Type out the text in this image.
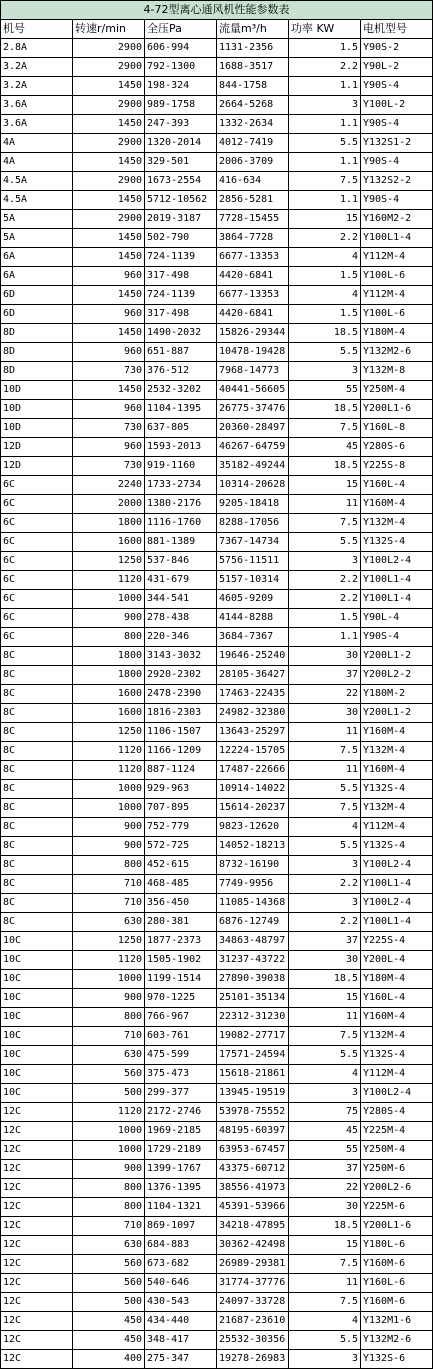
4-72型离心通风机性能参数表					
机号	转速r/min	全压Pa	流量m³/h	功率 KW	电机型号
2.8A	2900	606-994	1131-2356	1.5	Y90S-2
3.2A	2900	792-1300	1688-3517	2.2	Y90L-2
3.2A	1450	198-324	844-1758	1.1	Y90S-4
3.6A	2900	989-1758	2664-5268	3	Y100L-2
3.6A	1450	247-393	1332-2634	1.1	Y90S-4
4A	2900	1320-2014	4012-7419	5.5	Y132S1-2
4A	1450	329-501	2006-3709	1.1	Y90S-4
4.5A	2900	1673-2554	416-634	7.5	Y132S2-2
4.5A	1450	5712-10562	2856-5281	1.1	Y90S-4
5A	2900	2019-3187	7728-15455	15	Y160M2-2
5A	1450	502-790	3864-7728	2.2	Y100L1-4
6A	1450	724-1139	6677-13353	4	Y112M-4
6A	960	317-498	4420-6841	1.5	Y100L-6
6D	1450	724-1139	6677-13353	4	Y112M-4
6D	960	317-498	4420-6841	1.5	Y100L-6
8D	1450	1490-2032	15826-29344	18.5	Y180M-4
8D	960	651-887	10478-19428	5.5	Y132M2-6
8D	730	376-512	7968-14773	3	Y132M-8
10D	1450	2532-3202	40441-56605	55	Y250M-4
10D	960	1104-1395	26775-37476	18.5	Y200L1-6
10D	730	637-805	20360-28497	7.5	Y160L-8
12D	960	1593-2013	46267-64759	45	Y280S-6
12D	730	919-1160	35182-49244	18.5	Y225S-8
6C	2240	1733-2734	10314-20628	15	Y160L-4
6C	2000	1380-2176	9205-18418	11	Y160M-4
6C	1800	1116-1760	8288-17056	7.5	Y132M-4
6C	1600	881-1389	7367-14734	5.5	Y132S-4
6C	1250	537-846	5756-11511	3	Y100L2-4
6C	1120	431-679	5157-10314	2.2	Y100L1-4
6C	1000	344-541	4605-9209	2.2	Y100L1-4
6C	900	278-438	4144-8288	1.5	Y90L-4
6C	800	220-346	3684-7367	1.1	Y90S-4
8C	1800	3143-3032	19646-25240	30	Y200L1-2
8C	1800	2920-2302	28105-36427	37	Y200L2-2
8C	1600	2478-2390	17463-22435	22	Y180M-2
8C	1600	1816-2303	24982-32380	30	Y200L1-2
8C	1250	1106-1507	13643-25297	11	Y160M-4
8C	1120	1166-1209	12224-15705	7.5	Y132M-4
8C	1120	887-1124	17487-22666	11	Y160M-4
8C	1000	929-963	10914-14022	5.5	Y132S-4
8C	1000	707-895	15614-20237	7.5	Y132M-4
8C	900	752-779	9823-12620	4	Y112M-4
8C	900	572-725	14052-18213	5.5	Y132S-4
8C	800	452-615	8732-16190	3	Y100L2-4
8C	710	468-485	7749-9956	2.2	Y100L1-4
8C	710	356-450	11085-14368	3	Y100L2-4
8C	630	280-381	6876-12749	2.2	Y100L1-4
10C	1250	1877-2373	34863-48797	37	Y225S-4
10C	1120	1505-1902	31237-43722	30	Y200L-4
10C	1000	1199-1514	27890-39038	18.5	Y180M-4
10C	900	970-1225	25101-35134	15	Y160L-4
10C	800	766-967	22312-31230	11	Y160M-4
10C	710	603-761	19082-27717	7.5	Y132M-4
10C	630	475-599	17571-24594	5.5	Y132S-4
10C	560	375-473	15618-21861	4	Y112M-4
10C	500	299-377	13945-19519	3	Y100L2-4
12C	1120	2172-2746	53978-75552	75	Y280S-4
12C	1000	1969-2185	48195-60397	45	Y225M-4
12C	1000	1729-2189	63953-67457	55	Y250M-4
12C	900	1399-1767	43375-60712	37	Y250M-6
12C	800	1376-1395	38556-41973	22	Y200L2-6
12C	800	1104-1321	45391-53966	30	Y225M-6
12C	710	869-1097	34218-47895	18.5	Y200L1-6
12C	630	684-883	30362-42498	15	Y180L-6
12C	560	673-682	26989-29381	7.5	Y160M-6
12C	560	540-646	31774-37776	11	Y160L-6
12C	500	430-543	24097-33728	7.5	Y160M-6
12C	450	434-440	21687-23610	4	Y132M1-6
12C	450	348-417	25532-30356	5.5	Y132M2-6
12C	400	275-347	19278-26983	3	Y132S-6
